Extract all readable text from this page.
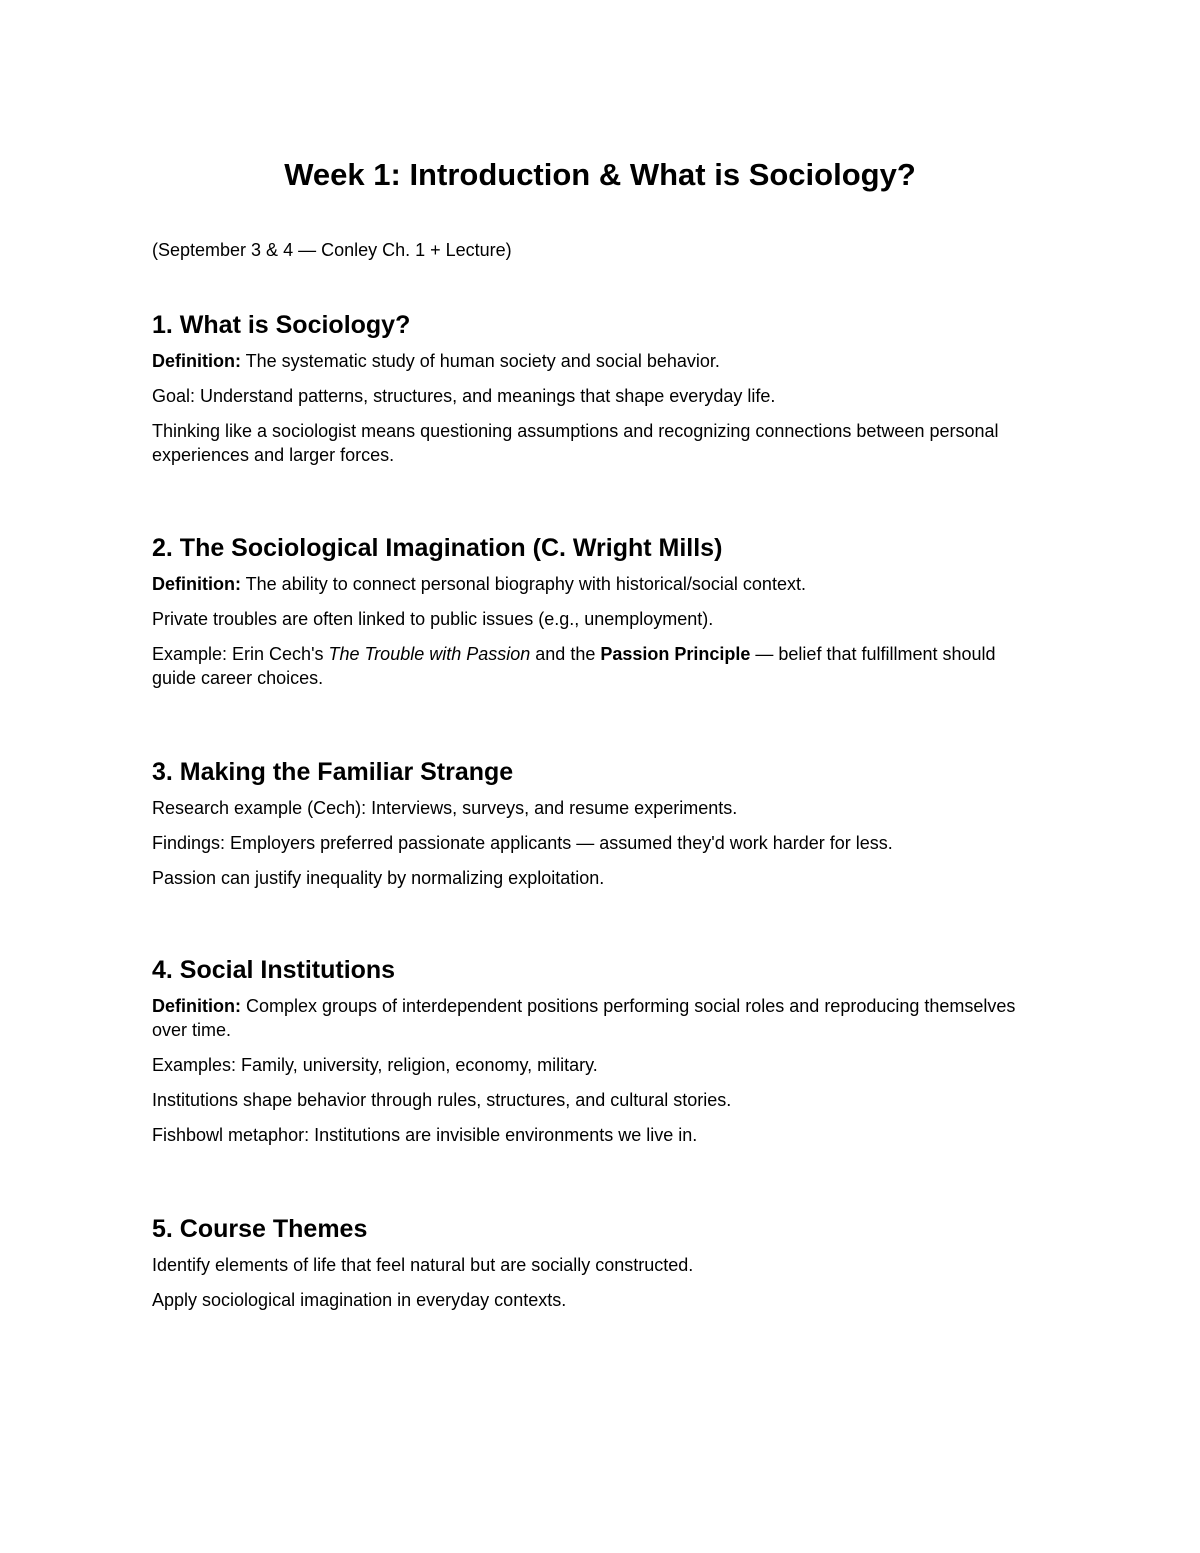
Week 1: Introduction & What is Sociology?

(September 3 & 4 — Conley Ch. 1 + Lecture)

1. What is Sociology?

Definition: The systematic study of human society and social behavior.

Goal: Understand patterns, structures, and meanings that shape everyday life.

Thinking like a sociologist means questioning assumptions and recognizing connections between personal experiences and larger forces.

2. The Sociological Imagination (C. Wright Mills)

Definition: The ability to connect personal biography with historical/social context.

Private troubles are often linked to public issues (e.g., unemployment).

Example: Erin Cech's The Trouble with Passion and the Passion Principle — belief that fulfillment should guide career choices.

3. Making the Familiar Strange

Research example (Cech): Interviews, surveys, and resume experiments.

Findings: Employers preferred passionate applicants — assumed they'd work harder for less.

Passion can justify inequality by normalizing exploitation.

4. Social Institutions

Definition: Complex groups of interdependent positions performing social roles and reproducing themselves over time.

Examples: Family, university, religion, economy, military.

Institutions shape behavior through rules, structures, and cultural stories.

Fishbowl metaphor: Institutions are invisible environments we live in.

5. Course Themes

Identify elements of life that feel natural but are socially constructed.

Apply sociological imagination in everyday contexts.
